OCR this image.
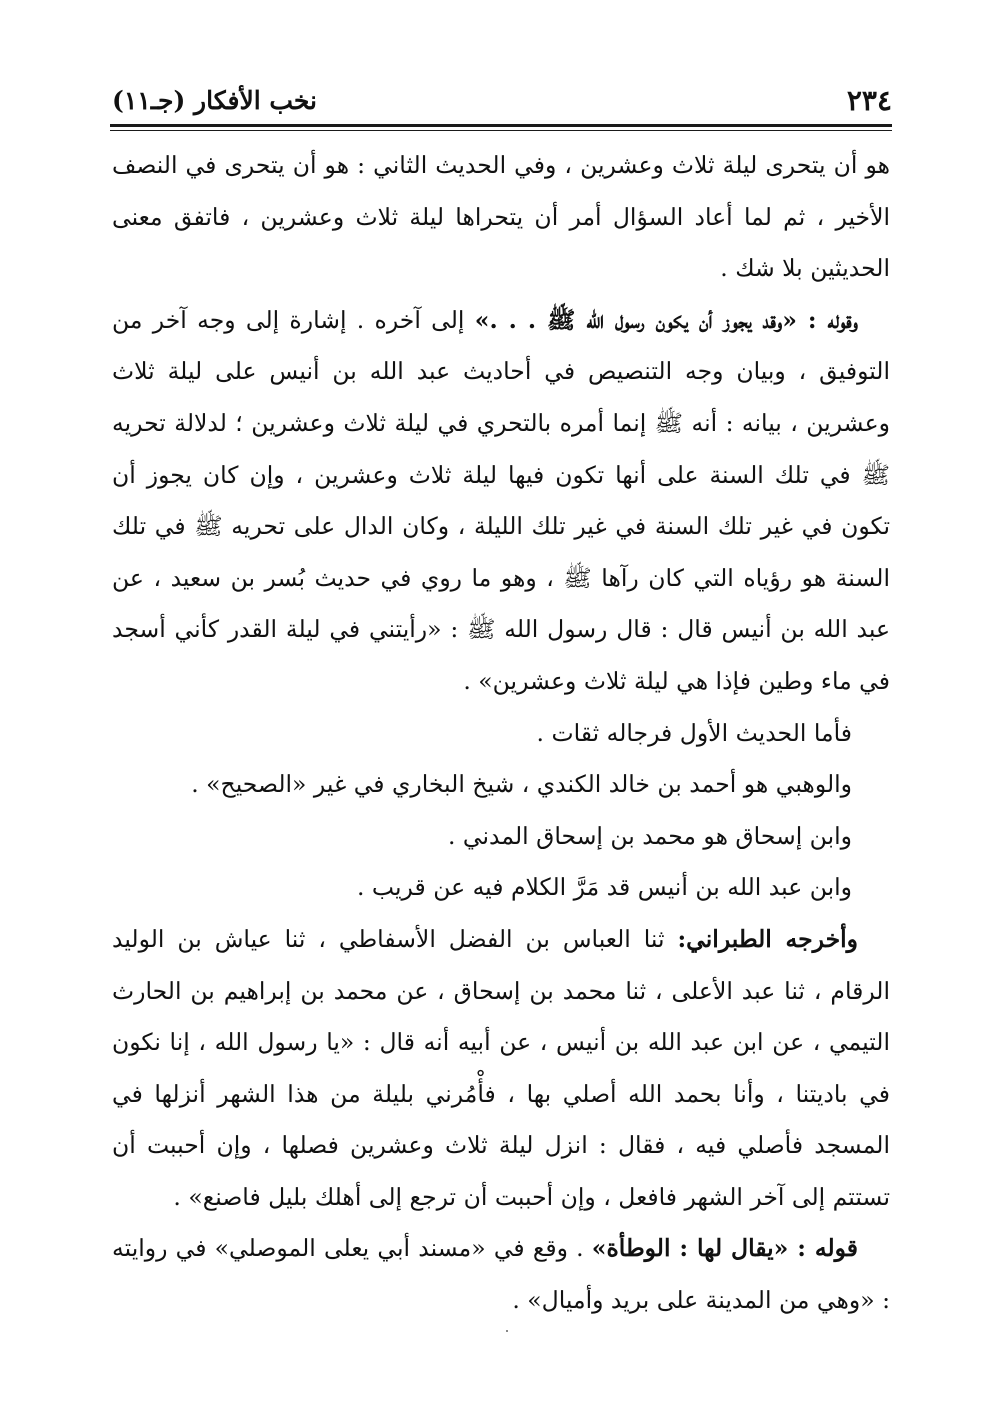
٢٣٤
نخب الأفكار (جـ١١)

هو أن يتحرى ليلة ثلاث وعشرين ، وفي الحديث الثاني : هو أن يتحرى في النصف الأخير ، ثم لما أعاد السؤال أمر أن يتحراها ليلة ثلاث وعشرين ، فاتفق معنى الحديثين بلا شك .

وقوله : «وقد يجوز أن يكون رسول الله ﷺ . . .» إلى آخره . إشارة إلى وجه آخر من التوفيق ، وبيان وجه التنصيص في أحاديث عبد الله بن أنيس على ليلة ثلاث وعشرين ، بيانه : أنه ﷺ إنما أمره بالتحري في ليلة ثلاث وعشرين ؛ لدلالة تحريه ﷺ في تلك السنة على أنها تكون فيها ليلة ثلاث وعشرين ، وإن كان يجوز أن تكون في غير تلك السنة في غير تلك الليلة ، وكان الدال على تحريه ﷺ في تلك السنة هو رؤياه التي كان رآها ﷺ ، وهو ما روي في حديث بُسر بن سعيد ، عن عبد الله بن أنيس قال : قال رسول الله ﷺ : «رأيتني في ليلة القدر كأني أسجد في ماء وطين فإذا هي ليلة ثلاث وعشرين» .

فأما الحديث الأول فرجاله ثقات .

والوهبي هو أحمد بن خالد الكندي ، شيخ البخاري في غير «الصحيح» .

وابن إسحاق هو محمد بن إسحاق المدني .

وابن عبد الله بن أنيس قد مَرَّ الكلام فيه عن قريب .

وأخرجه الطبراني: ثنا العباس بن الفضل الأسفاطي ، ثنا عياش بن الوليد الرقام ، ثنا عبد الأعلى ، ثنا محمد بن إسحاق ، عن محمد بن إبراهيم بن الحارث التيمي ، عن ابن عبد الله بن أنيس ، عن أبيه أنه قال : «يا رسول الله ، إنا نكون في باديتنا ، وأنا بحمد الله أصلي بها ، فأْمُرني بليلة من هذا الشهر أنزلها في المسجد فأصلي فيه ، فقال : انزل ليلة ثلاث وعشرين فصلها ، وإن أحببت أن تستتم إلى آخر الشهر فافعل ، وإن أحببت أن ترجع إلى أهلك بليل فاصنع» .

قوله : «يقال لها : الوطأة» . وقع في «مسند أبي يعلى الموصلي» في روايته : «وهي من المدينة على بريد وأميال» .
